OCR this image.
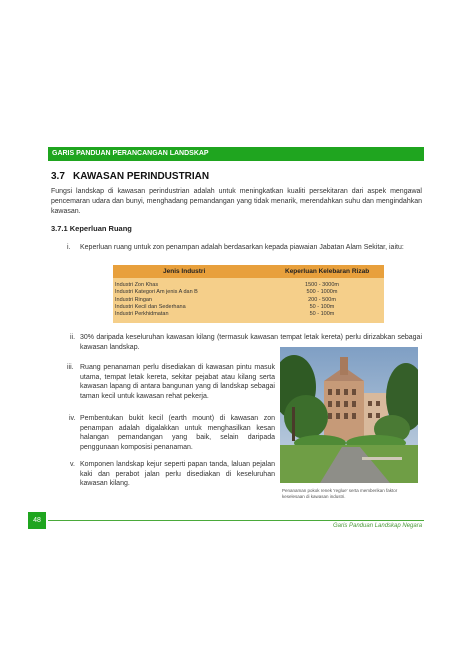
GARIS PANDUAN PERANCANGAN LANDSKAP
3.7 KAWASAN PERINDUSTRIAN
Fungsi landskap di kawasan perindustrian adalah untuk meningkatkan kualiti persekitaran dari aspek mengawal pencemaran udara dan bunyi, menghadang pemandangan yang tidak menarik, merendahkan suhu dan mengindahkan kawasan.
3.7.1 Keperluan Ruang
i. Keperluan ruang untuk zon penampan adalah berdasarkan kepada piawaian Jabatan Alam Sekitar, iaitu:
Jenis Industri	Keperluan Kelebaran Rizab
Industri Zon Khas	1500 - 3000m
Industri Kategori Am jenis A dan B	500 - 1000m
Industri Ringan	200 - 500m
Industri Kecil dan Sederhana	50 - 100m
Industri Perkhidmatan	50 - 100m
ii. 30% daripada keseluruhan kawasan kilang (termasuk kawasan tempat letak kereta) perlu dirizabkan sebagai kawasan landskap.
iii. Ruang penanaman perlu disediakan di kawasan pintu masuk utama, tempat letak kereta, sekitar pejabat atau kilang serta kawasan lapang di antara bangunan yang di landskap sebagai taman kecil untuk kawasan rehat pekerja.
iv. Pembentukan bukit kecil (earth mount) di kawasan zon penampan adalah digalakkan untuk menghasilkan kesan halangan pemandangan yang baik, selain daripada penggunaan komposisi penanaman.
v. Komponen landskap kejur seperti papan tanda, laluan pejalan kaki dan perabot jalan perlu disediakan di keseluruhan kawasan kilang.
Penanaman pokok renek 'reglue' serta memberikan faktor
keselesaan di kawasan industri.
48
Garis Panduan Landskap Negara
